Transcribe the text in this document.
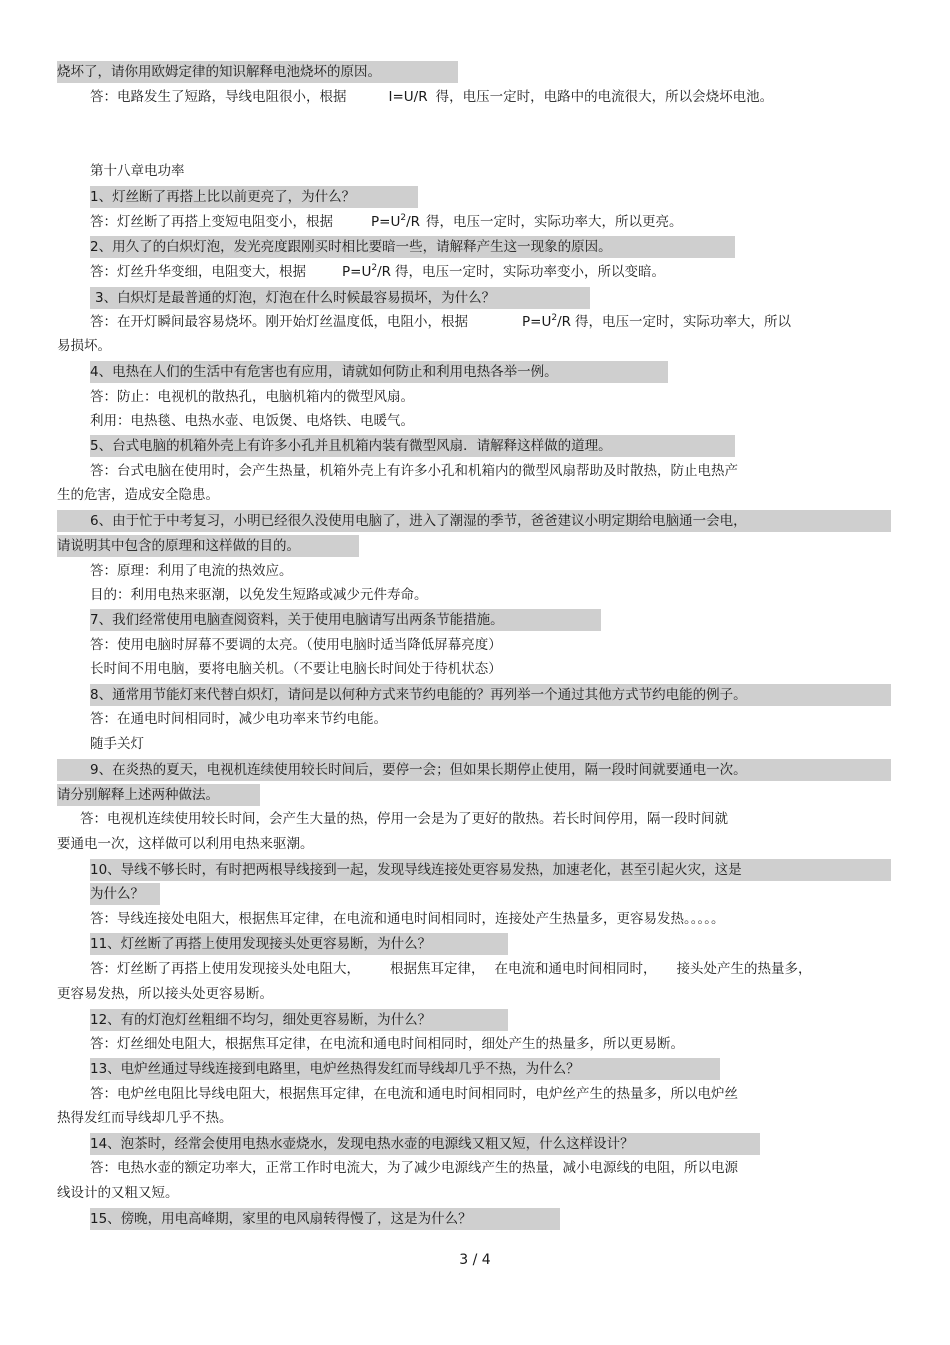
烧坏了，请你用欧姆定律的知识解释电池烧坏的原因。
答：电路发生了短路，导线电阻很小，根据	I=U/R 得，电压一定时，电路中的电流很大，所以会烧坏电池。
第十八章电功率
1、灯丝断了再搭上比以前更亮了，为什么？
答：灯丝断了再搭上变短电阻变小，根据	$P=U^2/R$ 得，电压一定时，实际功率大，所以更亮。
2、用久了的白炽灯泡，发光亮度跟刚买时相比要暗一些，请解释产生这一现象的原因。
答：灯丝升华变细，电阻变大，根据	$P=U^2/R$ 得，电压一定时，实际功率变小，所以变暗。
3、白炽灯是最普通的灯泡，灯泡在什么时候最容易损坏，为什么？
答：在开灯瞬间最容易烧坏。刚开始灯丝温度低，电阻小，根据	$P=U^2/R$ 得，电压一定时，实际功率大，所以
易损坏。
4、电热在人们的生活中有危害也有应用，请就如何防止和利用电热各举一例。
答：防止：电视机的散热孔，电脑机箱内的微型风扇。
利用：电热毯、电热水壶、电饭煲、电烙铁、电暖气。
5、台式电脑的机箱外壳上有许多小孔并且机箱内装有微型风扇．请解释这样做的道理。
答：台式电脑在使用时，会产生热量，机箱外壳上有许多小孔和机箱内的微型风扇帮助及时散热，防止电热产
生的危害，造成安全隐患。
6、由于忙于中考复习，小明已经很久没使用电脑了，进入了潮湿的季节，爸爸建议小明定期给电脑通一会电，
请说明其中包含的原理和这样做的目的。
答：原理：利用了电流的热效应。
目的：利用电热来驱潮，以免发生短路或减少元件寿命。
7、我们经常使用电脑查阅资料，关于使用电脑请写出两条节能措施。
答：使用电脑时屏幕不要调的太亮。（使用电脑时适当降低屏幕亮度）
长时间不用电脑，要将电脑关机。（不要让电脑长时间处于待机状态）
8、通常用节能灯来代替白炽灯，请问是以何种方式来节约电能的？再列举一个通过其他方式节约电能的例子。
答：在通电时间相同时，减少电功率来节约电能。
随手关灯
9、在炎热的夏天，电视机连续使用较长时间后，要停一会；但如果长期停止使用，隔一段时间就要通电一次。
请分别解释上述两种做法。
答：电视机连续使用较长时间，会产生大量的热，停用一会是为了更好的散热。若长时间停用，隔一段时间就
要通电一次，这样做可以利用电热来驱潮。
10、导线不够长时，有时把两根导线接到一起，发现导线连接处更容易发热，加速老化，甚至引起火灾，这是
为什么？
答：导线连接处电阻大，根据焦耳定律，在电流和通电时间相同时，连接处产生热量多，更容易发热。。。。。
11、灯丝断了再搭上使用发现接头处更容易断，为什么？
答：灯丝断了再搭上使用发现接头处电阻大， 根据焦耳定律， 在电流和通电时间相同时， 接头处产生的热量多，
更容易发热，所以接头处更容易断。
12、有的灯泡灯丝粗细不均匀，细处更容易断，为什么？
答：灯丝细处电阻大，根据焦耳定律，在电流和通电时间相同时，细处产生的热量多，所以更易断。
13、电炉丝通过导线连接到电路里，电炉丝热得发红而导线却几乎不热，为什么？
答：电炉丝电阻比导线电阻大，根据焦耳定律，在电流和通电时间相同时，电炉丝产生的热量多，所以电炉丝
热得发红而导线却几乎不热。
14、泡茶时，经常会使用电热水壶烧水，发现电热水壶的电源线又粗又短，什么这样设计？
答：电热水壶的额定功率大，正常工作时电流大，为了减少电源线产生的热量，减小电源线的电阻，所以电源
线设计的又粗又短。
15、傍晚，用电高峰期，家里的电风扇转得慢了，这是为什么？
3 / 4
